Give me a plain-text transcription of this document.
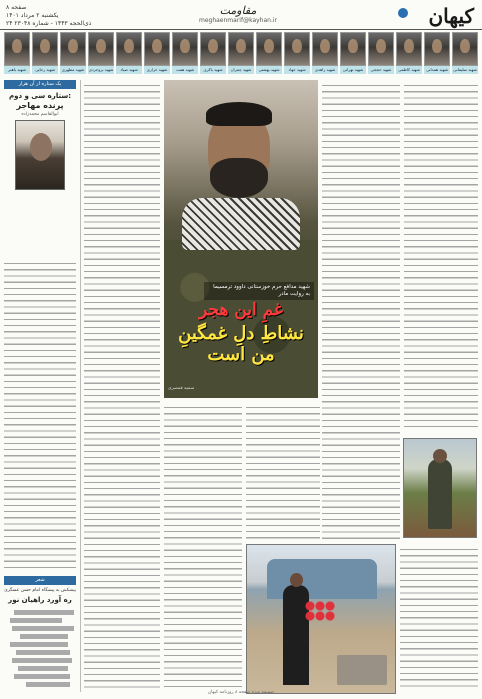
کیهان
مقاومت
meghaenmarif@kayhan.ir
صفحه ۸
یکشنبه ۲ مرداد ۱۴۰۱
۲۴ ذی‌الحجه ۱۴۴۳ - شماره ۲۳۰۴۸
شهید سلیمانی
شهید همدانی
شهید کاظمی
شهید حججی
شهید تهرانی
شهید زاهدی
شهید جهاد
شهید بهشتی
شهید چمران
شهید باکری
شهید همت
شهید خرازی
شهید صیاد
شهید بروجردی
شهید مطهری
شهید رجایی
شهید باهنر
یک ستاره از آن هزار
ستاره سی و دوم:
پرنده مهاجر
ابوالقاسم محمدزاده
شعر
پیشکش به پیشگاه امام حسن عسگری
ره آورد راهیان نور
شهید مدافع حرم خوزستانی داوود ترمسیما به روایت مادر
غمِ این هجر
نشاطِ دلِ غمگینِ من است
سمیه قمصری
ضمیمه ویژه صفحه ۸ روزنامه کیهان
